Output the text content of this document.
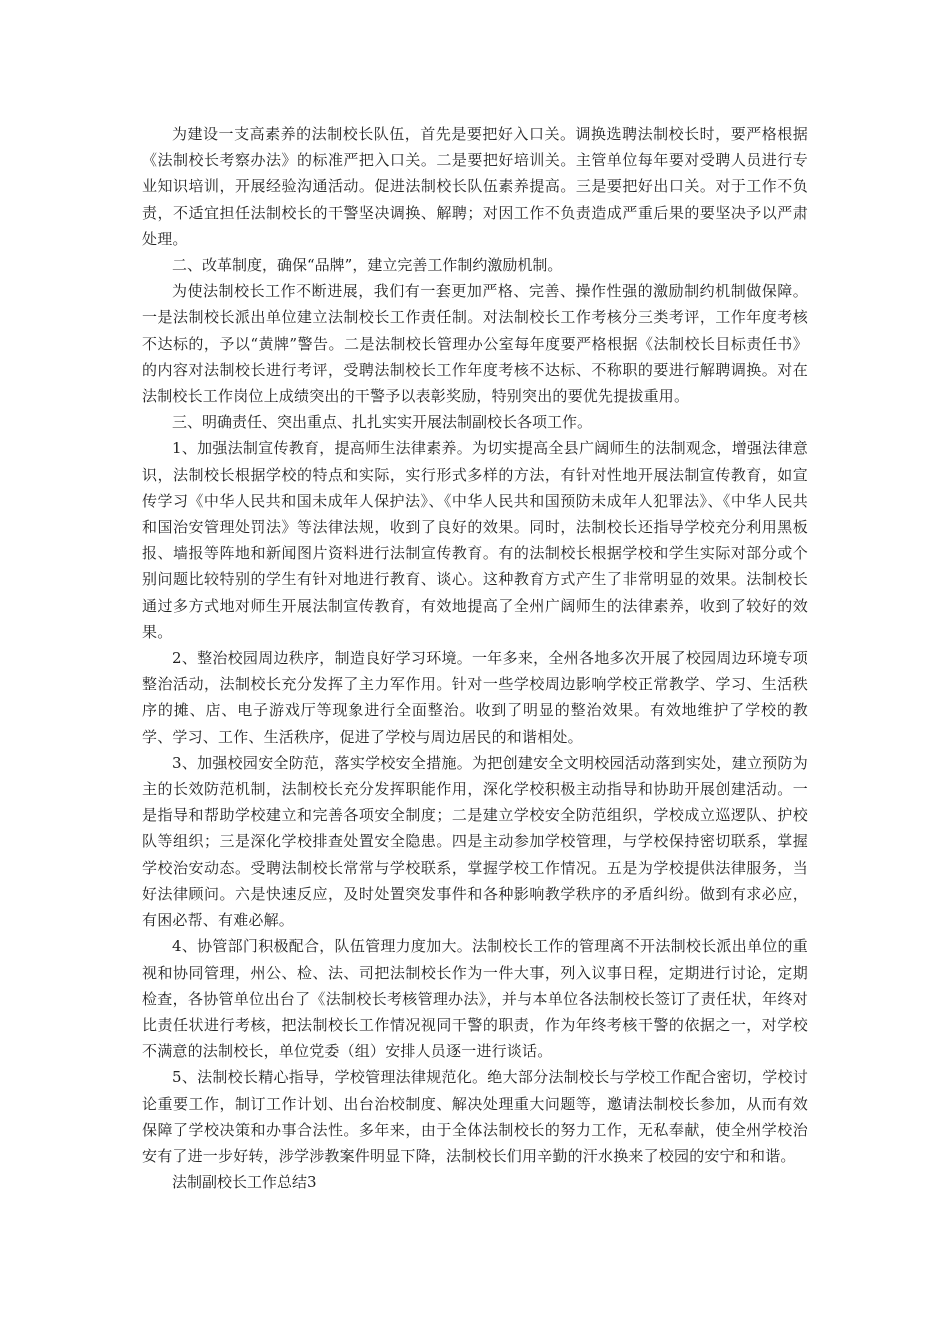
为建设一支高素养的法制校长队伍，首先是要把好入口关。调换选聘法制校长时，要严格根据《法制校长考察办法》的标准严把入口关。二是要把好培训关。主管单位每年要对受聘人员进行专业知识培训，开展经验沟通活动。促进法制校长队伍素养提高。三是要把好出口关。对于工作不负责，不适宜担任法制校长的干警坚决调换、解聘；对因工作不负责造成严重后果的要坚决予以严肃处理。

二、改革制度，确保“品牌”，建立完善工作制约激励机制。

为使法制校长工作不断进展，我们有一套更加严格、完善、操作性强的激励制约机制做保障。一是法制校长派出单位建立法制校长工作责任制。对法制校长工作考核分三类考评，工作年度考核不达标的，予以“黄牌”警告。二是法制校长管理办公室每年度要严格根据《法制校长目标责任书》的内容对法制校长进行考评，受聘法制校长工作年度考核不达标、不称职的要进行解聘调换。对在法制校长工作岗位上成绩突出的干警予以表彰奖励，特别突出的要优先提拔重用。

三、明确责任、突出重点、扎扎实实开展法制副校长各项工作。

1、加强法制宣传教育，提高师生法律素养。为切实提高全县广阔师生的法制观念，增强法律意识，法制校长根据学校的特点和实际，实行形式多样的方法，有针对性地开展法制宣传教育，如宣传学习《中华人民共和国未成年人保护法》、《中华人民共和国预防未成年人犯罪法》、《中华人民共和国治安管理处罚法》等法律法规，收到了良好的效果。同时，法制校长还指导学校充分利用黑板报、墙报等阵地和新闻图片资料进行法制宣传教育。有的法制校长根据学校和学生实际对部分或个别问题比较特别的学生有针对地进行教育、谈心。这种教育方式产生了非常明显的效果。法制校长通过多方式地对师生开展法制宣传教育，有效地提高了全州广阔师生的法律素养，收到了较好的效果。

2、整治校园周边秩序，制造良好学习环境。一年多来，全州各地多次开展了校园周边环境专项整治活动，法制校长充分发挥了主力军作用。针对一些学校周边影响学校正常教学、学习、生活秩序的摊、店、电子游戏厅等现象进行全面整治。收到了明显的整治效果。有效地维护了学校的教学、学习、工作、生活秩序，促进了学校与周边居民的和谐相处。

3、加强校园安全防范，落实学校安全措施。为把创建安全文明校园活动落到实处，建立预防为主的长效防范机制，法制校长充分发挥职能作用，深化学校积极主动指导和协助开展创建活动。一是指导和帮助学校建立和完善各项安全制度；二是建立学校安全防范组织，学校成立巡逻队、护校队等组织；三是深化学校排查处置安全隐患。四是主动参加学校管理，与学校保持密切联系，掌握学校治安动态。受聘法制校长常常与学校联系，掌握学校工作情况。五是为学校提供法律服务，当好法律顾问。六是快速反应，及时处置突发事件和各种影响教学秩序的矛盾纠纷。做到有求必应，有困必帮、有难必解。

4、协管部门积极配合，队伍管理力度加大。法制校长工作的管理离不开法制校长派出单位的重视和协同管理，州公、检、法、司把法制校长作为一件大事，列入议事日程，定期进行讨论，定期检查，各协管单位出台了《法制校长考核管理办法》，并与本单位各法制校长签订了责任状，年终对比责任状进行考核，把法制校长工作情况视同干警的职责，作为年终考核干警的依据之一，对学校不满意的法制校长，单位党委（组）安排人员逐一进行谈话。

5、法制校长精心指导，学校管理法律规范化。绝大部分法制校长与学校工作配合密切，学校讨论重要工作，制订工作计划、出台治校制度、解决处理重大问题等，邀请法制校长参加，从而有效保障了学校决策和办事合法性。多年来，由于全体法制校长的努力工作，无私奉献，使全州学校治安有了进一步好转，涉学涉教案件明显下降，法制校长们用辛勤的汗水换来了校园的安宁和和谐。

法制副校长工作总结3
